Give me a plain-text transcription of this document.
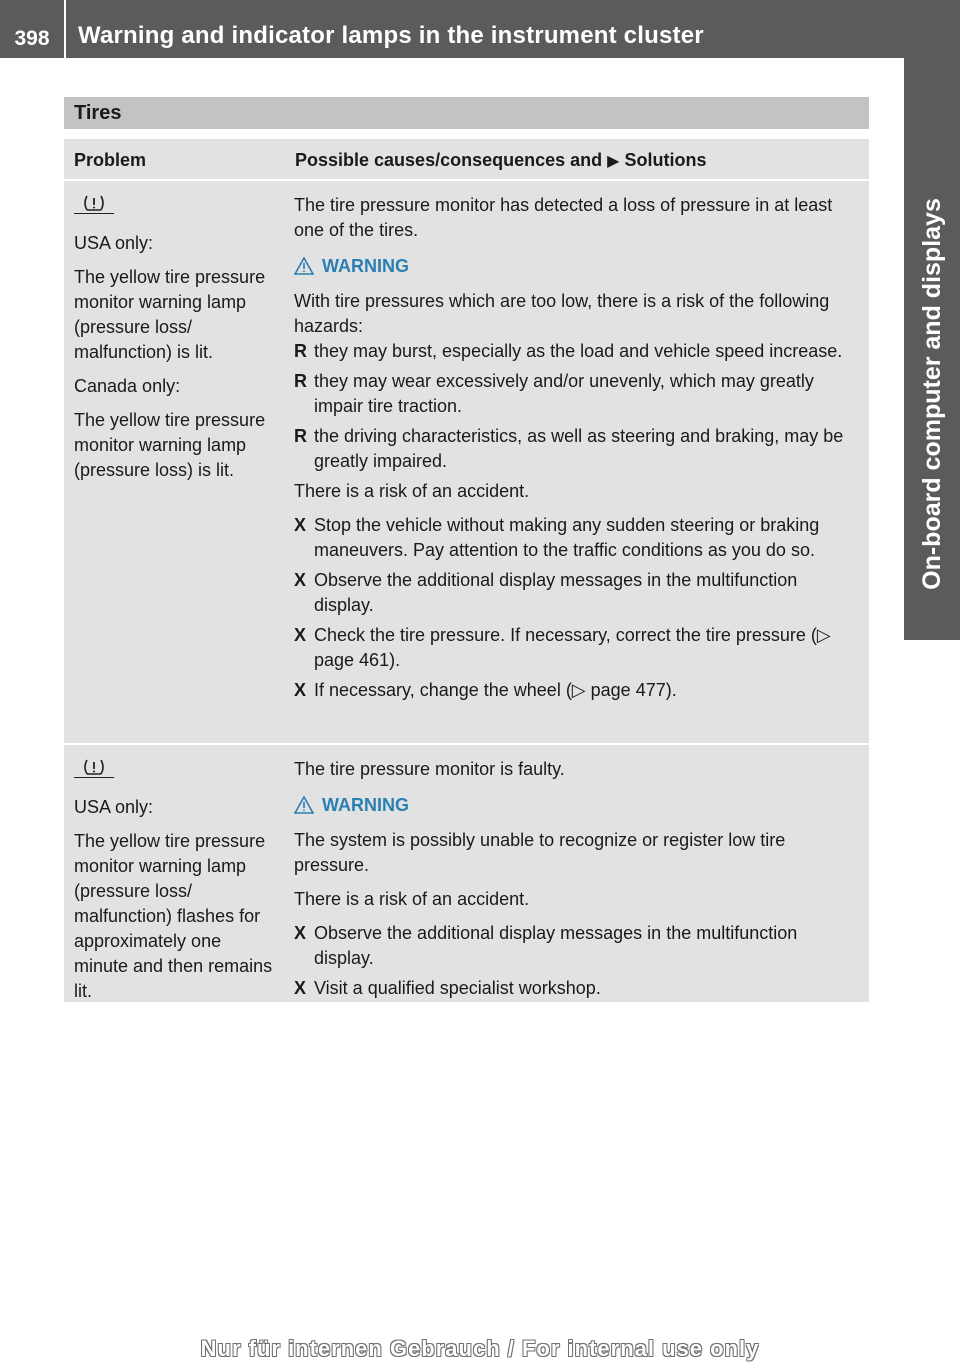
398	Warning and indicator lamps in the instrument cluster
On-board computer and displays
Tires
Problem	Possible causes/consequences and ▶ Solutions

USA only:

The yellow tire pressure monitor warning lamp (pressure loss/ malfunction) is lit.

Canada only:

The yellow tire pressure monitor warning lamp (pressure loss) is lit.

The tire pressure monitor has detected a loss of pressure in at least one of the tires.

WARNING

With tire pressures which are too low, there is a risk of the following hazards:

R they may burst, especially as the load and vehicle speed increase.
R they may wear excessively and/or unevenly, which may greatly impair tire traction.
R the driving characteristics, as well as steering and braking, may be greatly impaired.

There is a risk of an accident.

X Stop the vehicle without making any sudden steering or braking maneuvers. Pay attention to the traffic conditions as you do so.
X Observe the additional display messages in the multifunction display.
X Check the tire pressure. If necessary, correct the tire pressure (▷ page 461).
X If necessary, change the wheel (▷ page 477).

USA only:

The yellow tire pressure monitor warning lamp (pressure loss/ malfunction) flashes for approximately one minute and then remains lit.

The tire pressure monitor is faulty.

WARNING

The system is possibly unable to recognize or register low tire pressure.

There is a risk of an accident.

X Observe the additional display messages in the multifunction display.
X Visit a qualified specialist workshop.
Nur für internen Gebrauch / For internal use only
